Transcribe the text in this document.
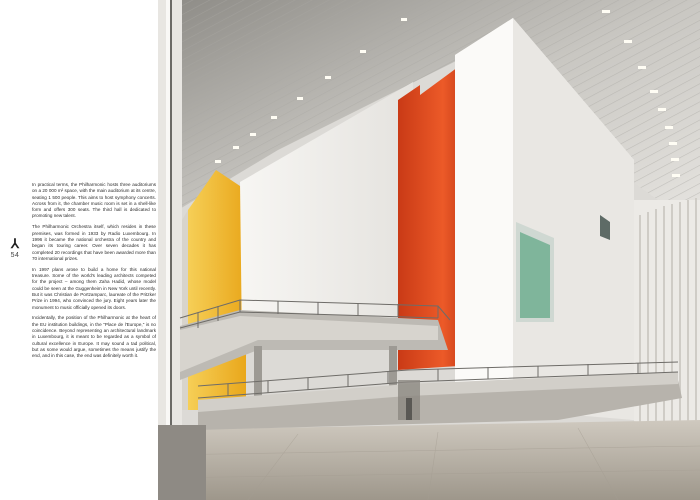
⅄
54

In practical terms, the Philharmonic hosts three auditoriums on a 20 000 m² space, with the main auditorium at its centre, seating 1 500 people. This aims to host symphony concerts. Across from it, the chamber music room is set in a shell-like form and offers 300 seats. The third hall is dedicated to promoting new talent.

The Philharmonic Orchestra itself, which resides in these premises, was formed in 1933 by Radio Luxembourg. In 1996 it became the national orchestra of the country and began its touring career. Over seven decades it has completed 20 recordings that have been awarded more than 70 international prizes.

In 1997 plans arose to build a home for this national treasure. Some of the world's leading architects competed for the project – among them Zaha Hadid, whose model could be seen at the Guggenheim in New York until recently. But it was Christian de Portzamparc, laureate of the Pritzker Prize in 1994, who convinced the jury. Eight years later the monument to music officially opened its doors.

Incidentally, the position of the Philharmonic at the heart of the EU institution buildings, in the "Place de l'Europe," is no coincidence. Beyond representing an architectural landmark in Luxembourg, it is meant to be regarded as a symbol of cultural excellence in Europe. It may sound a tad political, but as some would argue, sometimes the means justify the end, and in this case, the end was definitely worth it.
